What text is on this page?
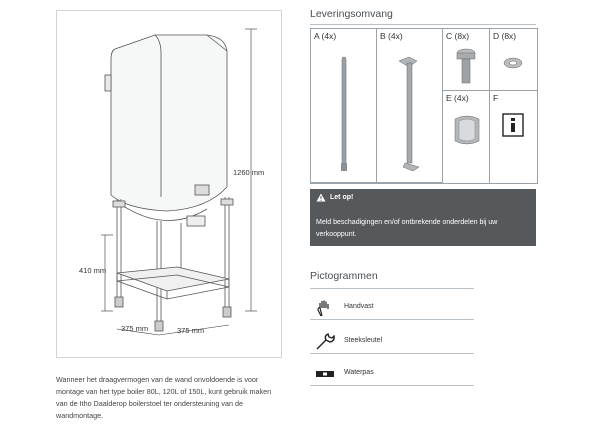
1260 mm
410 mm
375 mm	375 mm
Wanneer het draagvermogen van de wand onvoldoende is voor
montage van het type boiler 80L, 120L of 150L, kunt gebruik maken
van de Itho Daalderop boilerstoel ter ondersteuning van de
wandmontage.
Leveringsomvang
A (4x)	B (4x)	C (8x)	D (8x)
E (4x)	F
Let op!
Meld beschadigingen en/of ontbrekende onderdelen bij uw
verkooppunt.
Pictogrammen
Handvast
Steeksleutel
Waterpas
